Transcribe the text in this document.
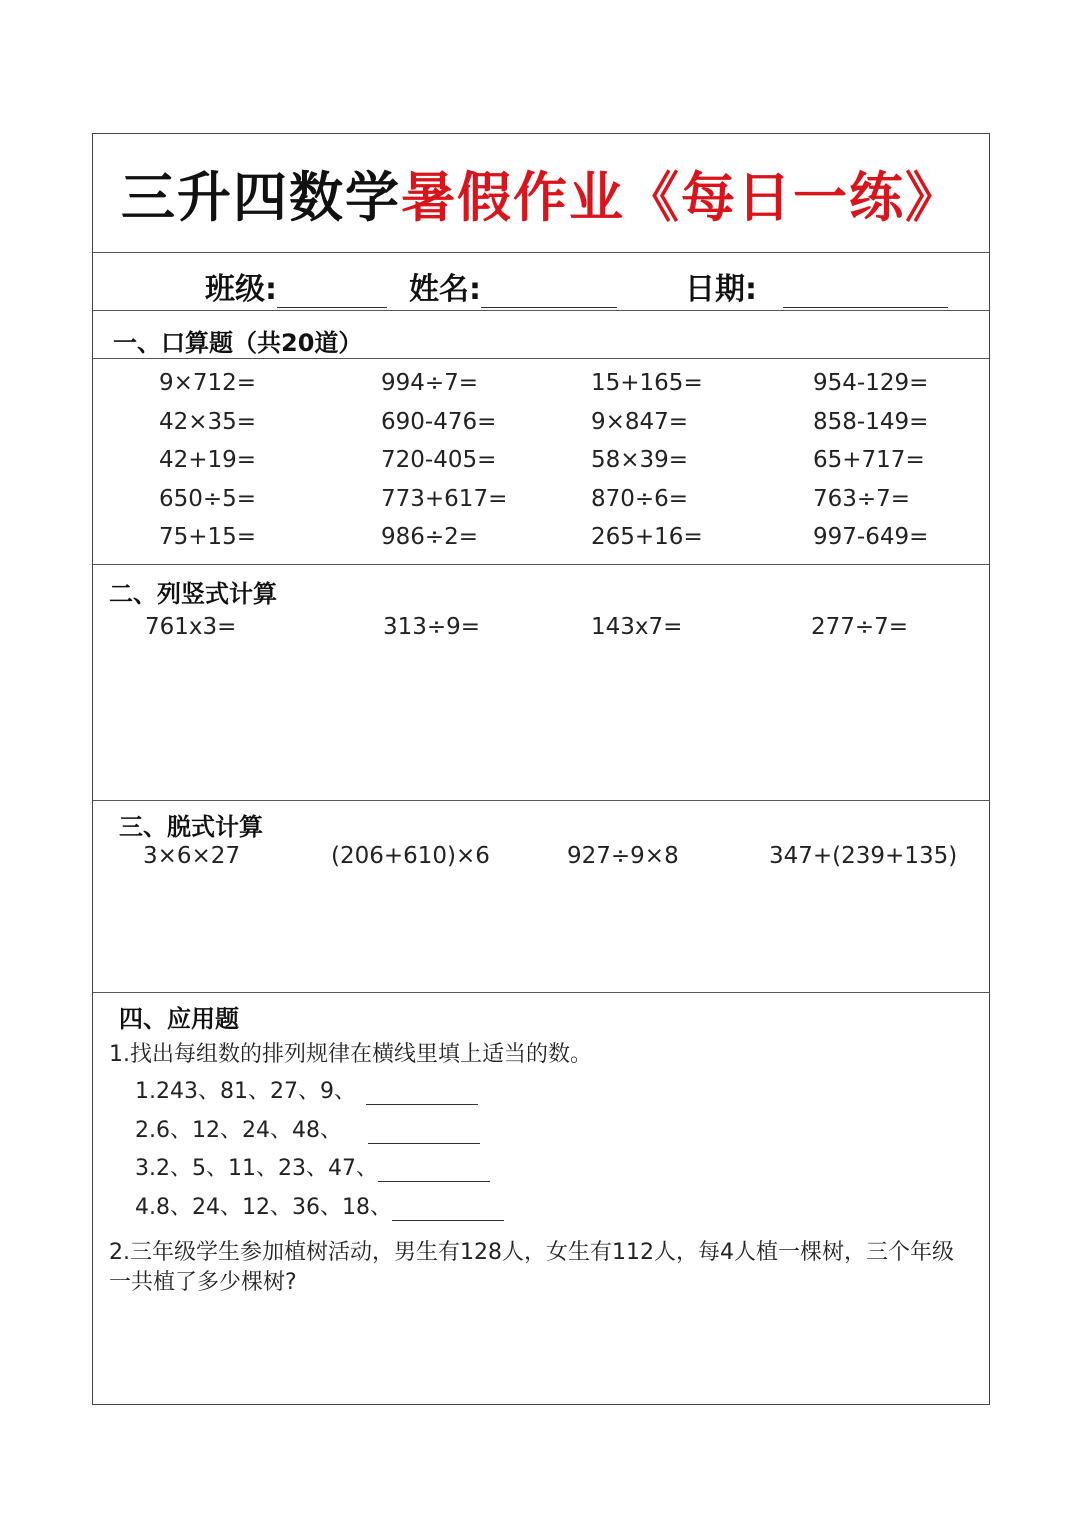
三升四数学 暑假作业《每日一练》
班级:	姓名:	日期:
一、口算题（共20道）
9×712=	994÷7=	15+165=	954-129=
42×35=	690-476=	9×847=	858-149=
42+19=	720-405=	58×39=	65+717=
650÷5=	773+617=	870÷6=	763÷7=
75+15=	986÷2=	265+16=	997-649=
二、列竖式计算
761x3=	313÷9=	143x7=	277÷7=
三、脱式计算
3×6×27	(206+610)×6	927÷9×8	347+(239+135)
四、应用题
1.找出每组数的排列规律在横线里填上适当的数。
1.243、81、27、9、
2.6、12、24、48、
3.2、5、11、23、47、
4.8、24、12、36、18、
2.三年级学生参加植树活动，男生有128人，女生有112人，每4人植一棵树，三个年级一共植了多少棵树?
